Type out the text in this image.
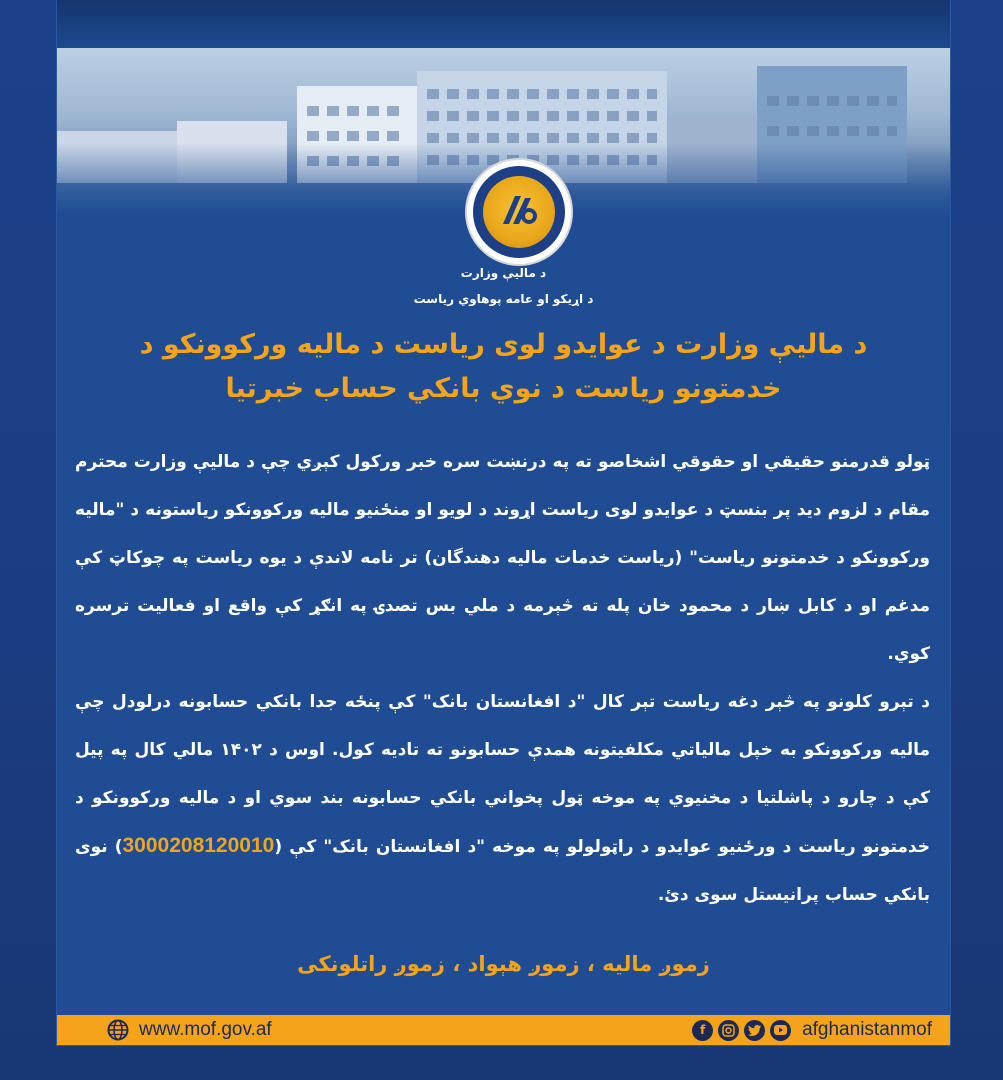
د مالیې وزارت
د اړیکو او عامه پوهاوي ریاست
د مالیې وزارت د عوایدو لوی ریاست د مالیه ورکوونکو د خدمتونو ریاست د نوي بانکي حساب خبرتیا
ټولو قدرمنو حقیقي او حقوقي اشخاصو ته په درنښت سره خبر ورکول کېږي چې د مالیې وزارت محترم مقام د لزوم دید پر بنسټ د عوایدو لوی ریاست اړوند د لویو او منځنیو مالیه ورکوونکو ریاستونه د "مالیه ورکوونکو د خدمتونو ریاست" (ریاست خدمات مالیه دهندگان) تر نامه لاندې د یوه ریاست په چوکاټ کې مدغم او د کابل ښار د محمود خان پله ته څېرمه د ملي بس تصدۍ په انګړ کې واقع او فعالیت ترسره کوي.
د تېرو کلونو په څېر دغه ریاست تېر کال "د افغانستان بانک" کې پنځه جدا بانکي حسابونه درلودل چې مالیه ورکوونکو به خپل مالیاتي مکلفیتونه همدې حسابونو ته تادیه کول. اوس د ۱۴۰۲ مالي کال په پیل کې د چارو د پاشلتیا د مخنیوي په موخه ټول پخواني بانکي حسابونه بند سوي او د مالیه ورکوونکو د خدمتونو ریاست د ورځنیو عوایدو د راټولولو په موخه "د افغانستان بانک" کې (3000208120010) نوی بانکي حساب پرانیستل سوی دئ.
زموږ مالیه ، زموږ هېواد ، زموږ راتلونکی
www.mof.gov.af	f	afghanistanmof
